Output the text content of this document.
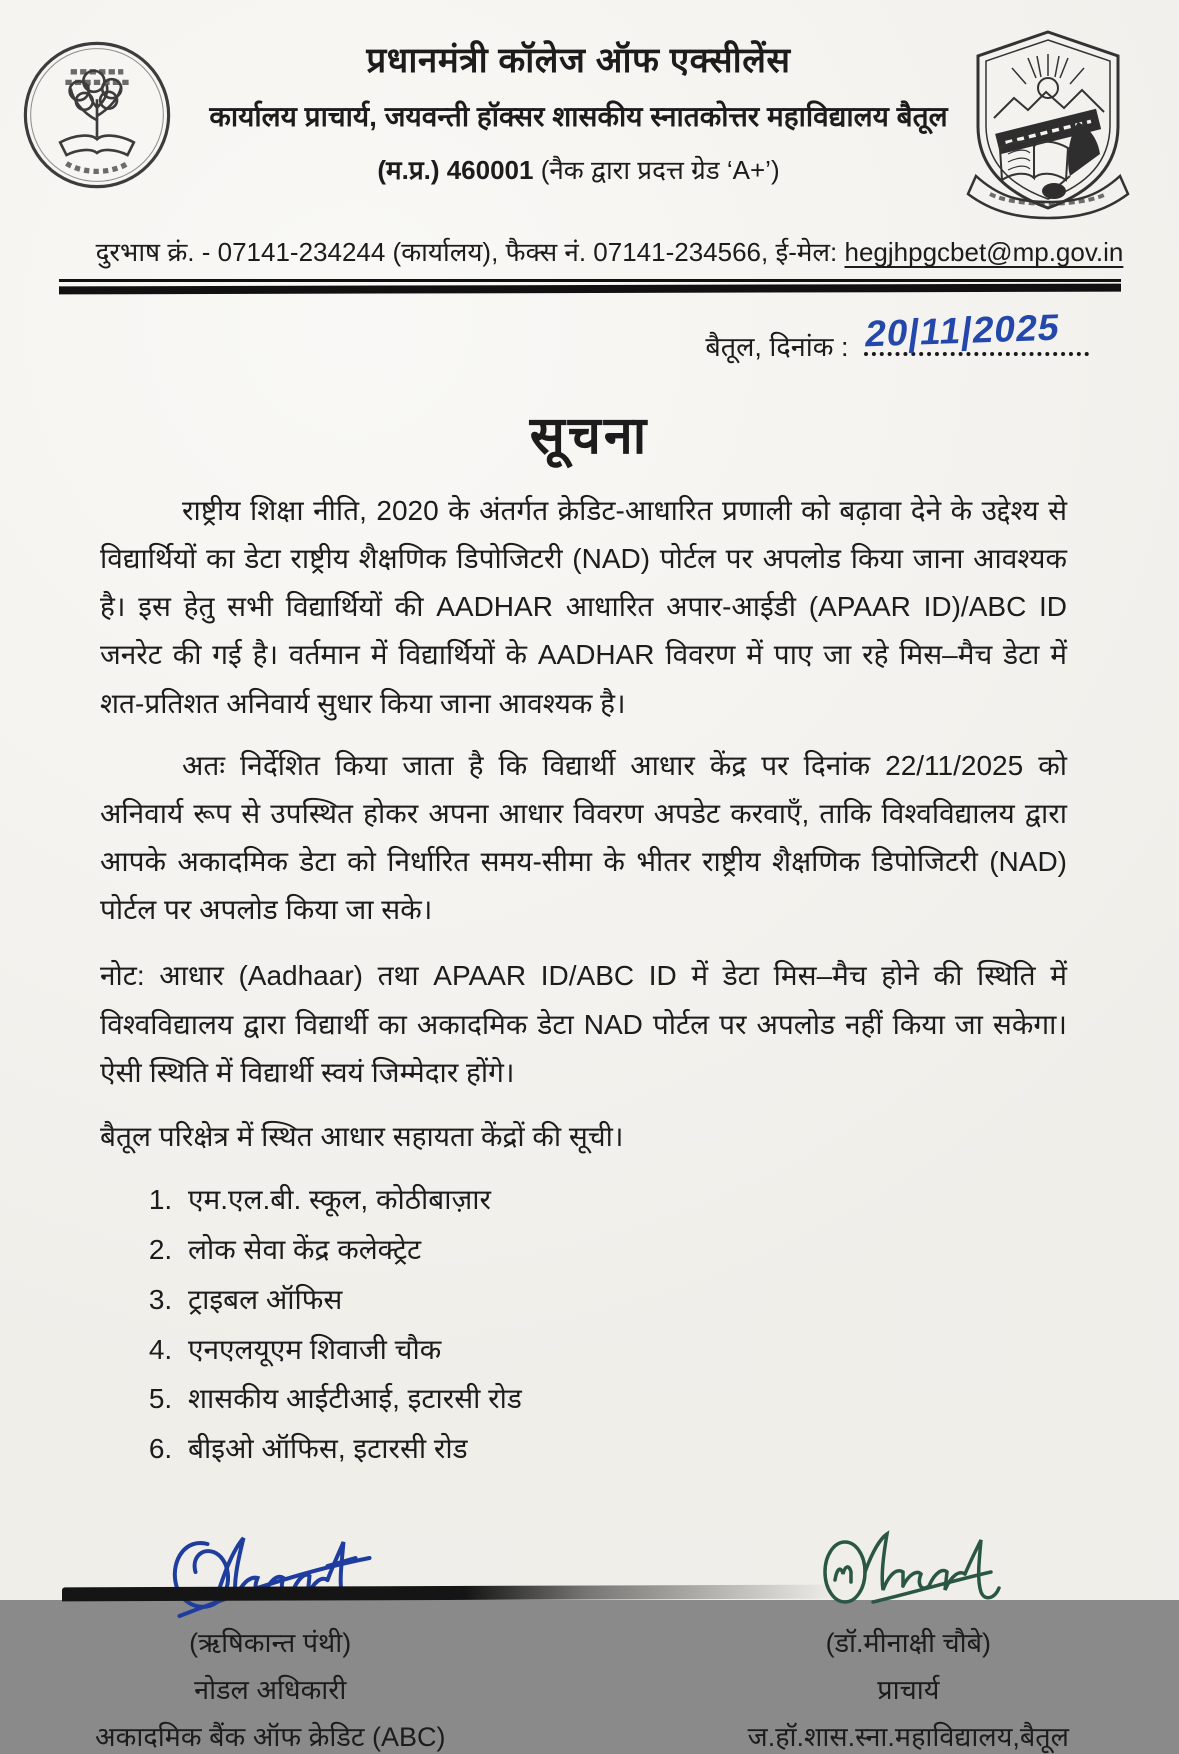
प्रधानमंत्री कॉलेज ऑफ एक्सीलेंस
कार्यालय प्राचार्य, जयवन्ती हॉक्सर शासकीय स्नातकोत्तर महाविद्यालय बैतूल
(म.प्र.) 460001 (नैक द्वारा प्रदत्त ग्रेड ‘A+’)
दुरभाष क्रं. - 07141-234244 (कार्यालय), फैक्स नं. 07141-234566, ई-मेल: hegjhpgcbet@mp.gov.in
बैतूल, दिनांक : 20|11|2025
सूचना

राष्ट्रीय शिक्षा नीति, 2020 के अंतर्गत क्रेडिट-आधारित प्रणाली को बढ़ावा देने के उद्देश्य से विद्यार्थियों का डेटा राष्ट्रीय शैक्षणिक डिपोजिटरी (NAD) पोर्टल पर अपलोड किया जाना आवश्यक है। इस हेतु सभी विद्यार्थियों की AADHAR आधारित अपार-आईडी (APAAR ID)/ABC ID जनरेट की गई है। वर्तमान में विद्यार्थियों के AADHAR विवरण में पाए जा रहे मिस–मैच डेटा में शत-प्रतिशत अनिवार्य सुधार किया जाना आवश्यक है।

अतः निर्देशित किया जाता है कि विद्यार्थी आधार केंद्र पर दिनांक 22/11/2025 को अनिवार्य रूप से उपस्थित होकर अपना आधार विवरण अपडेट करवाएँ, ताकि विश्वविद्यालय द्वारा आपके अकादमिक डेटा को निर्धारित समय-सीमा के भीतर राष्ट्रीय शैक्षणिक डिपोजिटरी (NAD) पोर्टल पर अपलोड किया जा सके।

नोट: आधार (Aadhaar) तथा APAAR ID/ABC ID में डेटा मिस–मैच होने की स्थिति में विश्वविद्यालय द्वारा विद्यार्थी का अकादमिक डेटा NAD पोर्टल पर अपलोड नहीं किया जा सकेगा। ऐसी स्थिति में विद्यार्थी स्वयं जिम्मेदार होंगे।

बैतूल परिक्षेत्र में स्थित आधार सहायता केंद्रों की सूची।

1. एम.एल.बी. स्कूल, कोठीबाज़ार
2. लोक सेवा केंद्र कलेक्ट्रेट
3. ट्राइबल ऑफिस
4. एनएलयूएम शिवाजी चौक
5. शासकीय आईटीआई, इटारसी रोड
6. बीइओ ऑफिस, इटारसी रोड
(ऋषिकान्त पंथी)
नोडल अधिकारी
अकादमिक बैंक ऑफ क्रेडिट (ABC)
(डॉ.मीनाक्षी चौबे)
प्राचार्य
ज.हॉ.शास.स्ना.महाविद्यालय,बैतूल
